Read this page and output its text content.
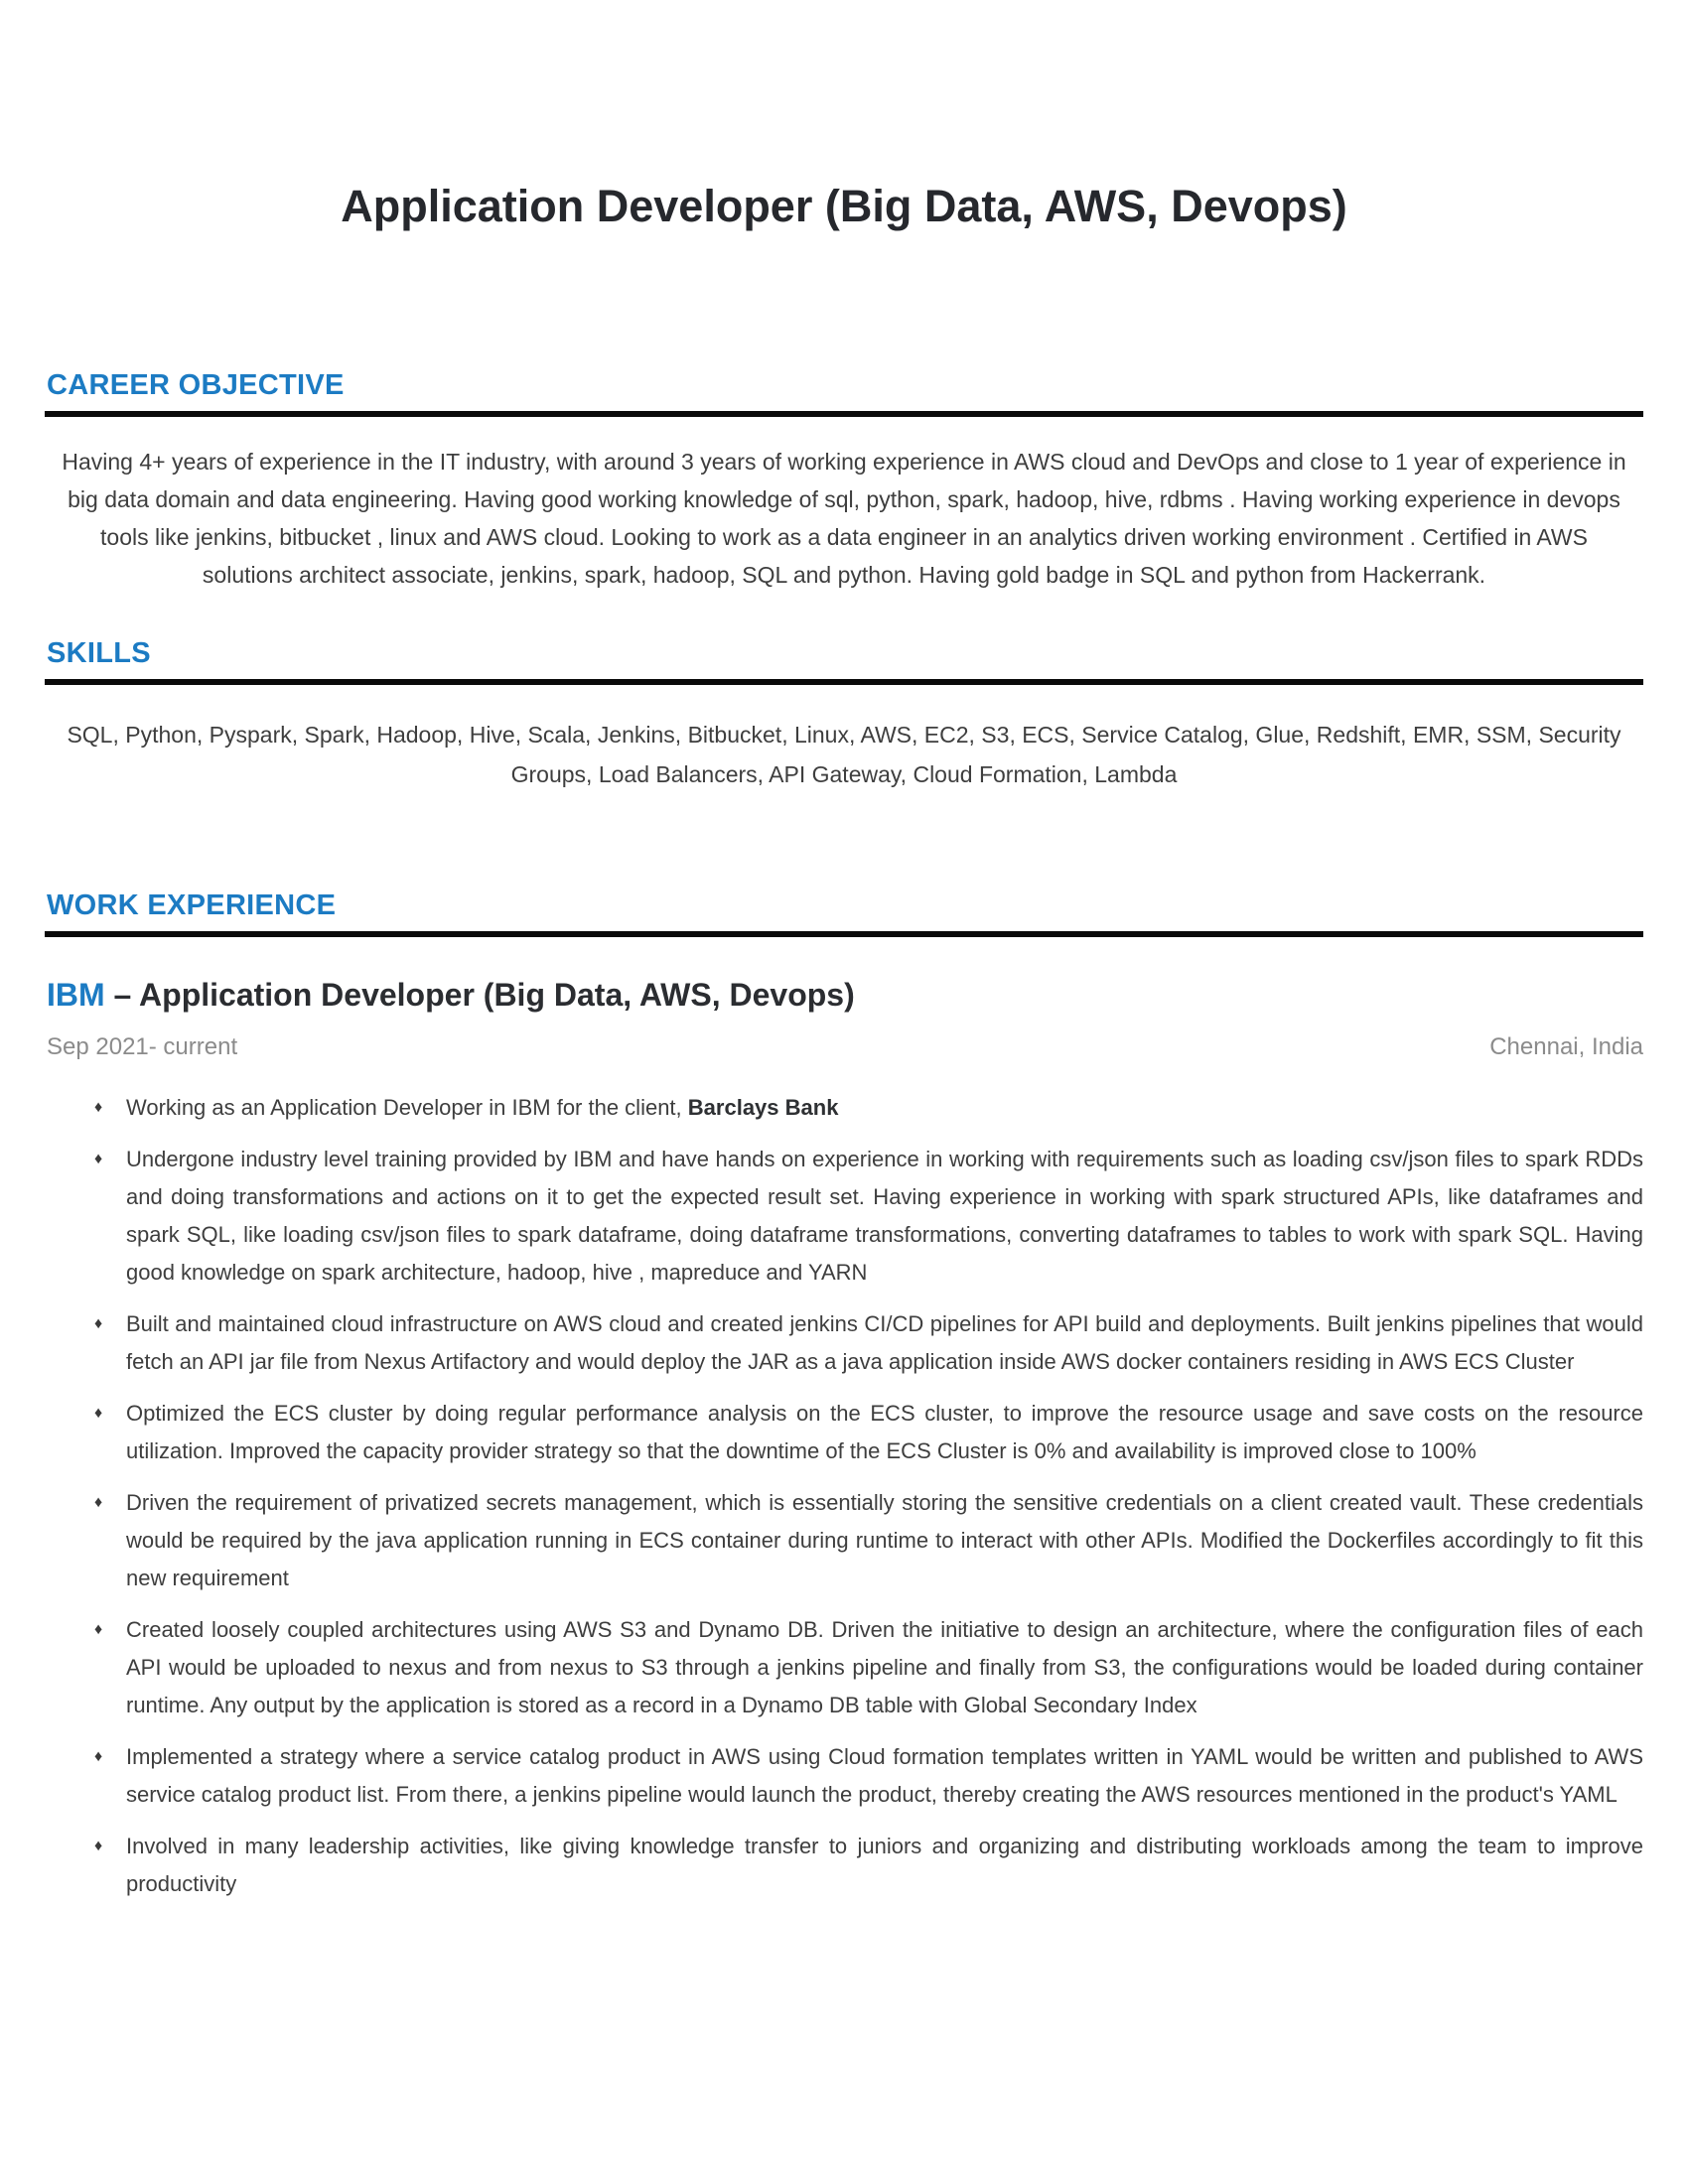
Application Developer (Big Data, AWS, Devops)
CAREER OBJECTIVE

Having 4+ years of experience in the IT industry, with around 3 years of working experience in AWS cloud and DevOps and close to 1 year of experience in big data domain and data engineering. Having good working knowledge of sql, python, spark, hadoop, hive, rdbms . Having working experience in devops tools like jenkins, bitbucket , linux and AWS cloud. Looking to work as a data engineer in an analytics driven working environment . Certified in AWS solutions architect associate, jenkins, spark, hadoop, SQL and python. Having gold badge in SQL and python from Hackerrank.

SKILLS

SQL, Python, Pyspark, Spark, Hadoop, Hive, Scala, Jenkins, Bitbucket, Linux, AWS, EC2, S3, ECS, Service Catalog, Glue, Redshift, EMR, SSM, Security Groups, Load Balancers, API Gateway, Cloud Formation, Lambda

WORK EXPERIENCE
IBM – Application Developer (Big Data, AWS, Devops)
Sep 2021- current	Chennai, India
♦	Working as an Application Developer in IBM for the client, Barclays Bank
♦	Undergone industry level training provided by IBM and have hands on experience in working with requirements such as loading csv/json files to spark RDDs and doing transformations and actions on it to get the expected result set. Having experience in working with spark structured APIs, like dataframes and spark SQL, like loading csv/json files to spark dataframe, doing dataframe transformations, converting dataframes to tables to work with spark SQL. Having good knowledge on spark architecture, hadoop, hive , mapreduce and YARN
♦	Built and maintained cloud infrastructure on AWS cloud and created jenkins CI/CD pipelines for API build and deployments. Built jenkins pipelines that would fetch an API jar file from Nexus Artifactory and would deploy the JAR as a java application inside AWS docker containers residing in AWS ECS Cluster
♦	Optimized the ECS cluster by doing regular performance analysis on the ECS cluster, to improve the resource usage and save costs on the resource utilization. Improved the capacity provider strategy so that the downtime of the ECS Cluster is 0% and availability is improved close to 100%
♦	Driven the requirement of privatized secrets management, which is essentially storing the sensitive credentials on a client created vault. These credentials would be required by the java application running in ECS container during runtime to interact with other APIs. Modified the Dockerfiles accordingly to fit this new requirement
♦	Created loosely coupled architectures using AWS S3 and Dynamo DB. Driven the initiative to design an architecture, where the configuration files of each API would be uploaded to nexus and from nexus to S3 through a jenkins pipeline and finally from S3, the configurations would be loaded during container runtime. Any output by the application is stored as a record in a Dynamo DB table with Global Secondary Index
♦	Implemented a strategy where a service catalog product in AWS using Cloud formation templates written in YAML would be written and published to AWS service catalog product list. From there, a jenkins pipeline would launch the product, thereby creating the AWS resources mentioned in the product's YAML
♦	Involved in many leadership activities, like giving knowledge transfer to juniors and organizing and distributing workloads among the team to improve productivity
